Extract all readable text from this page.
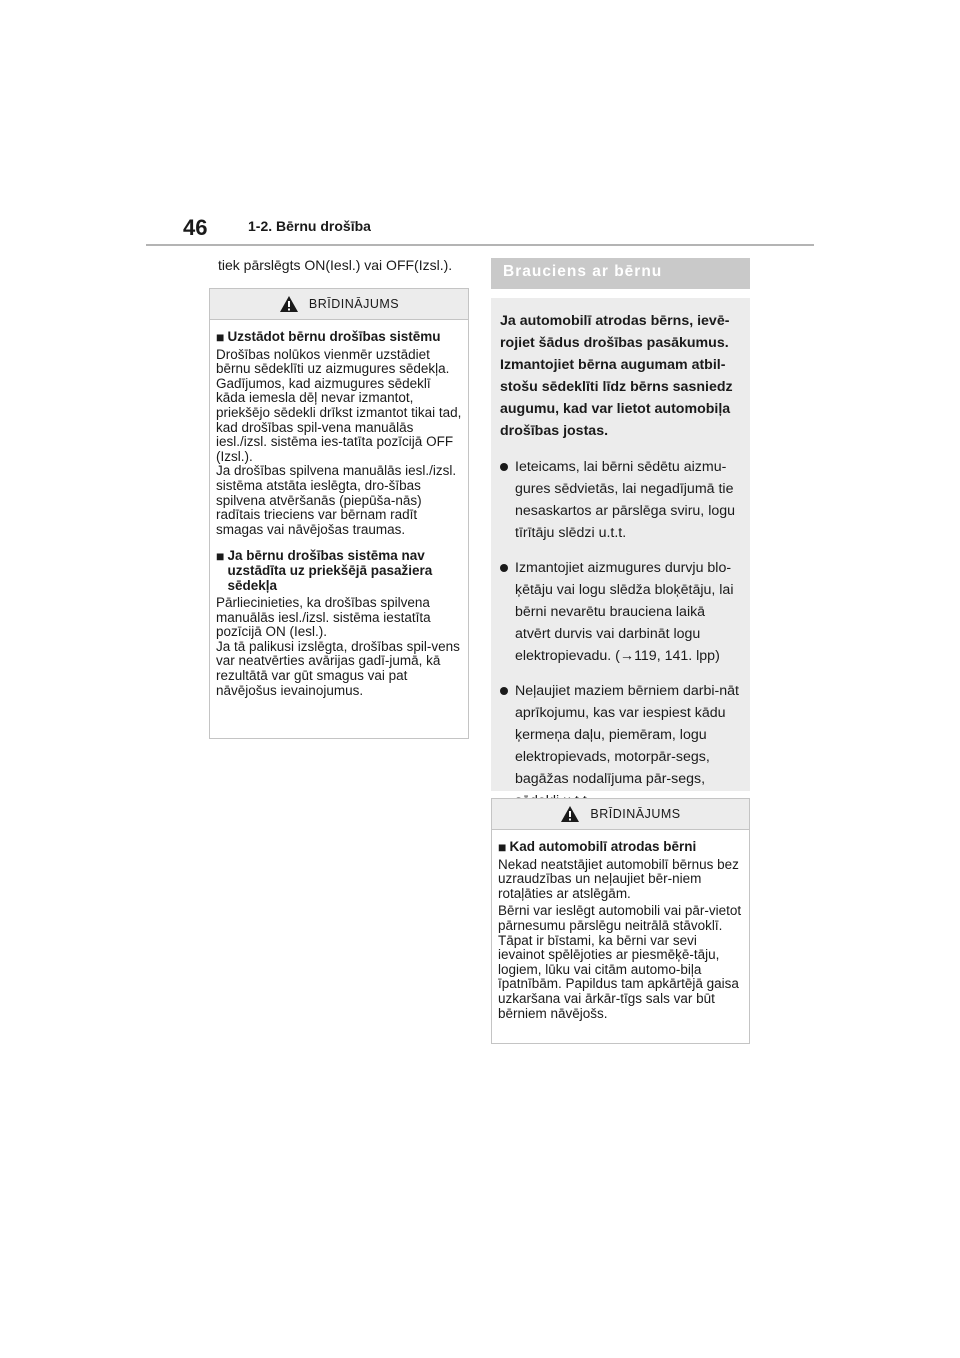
46	1-2. Bērnu drošība
tiek pārslēgts ON(Iesl.) vai OFF(Izsl.).
BRĪDINĀJUMS
■ Uzstādot bērnu drošības sistēmu

Drošības nolūkos vienmēr uzstādiet bērnu sēdeklīti uz aizmugures sēdekļa. Gadījumos, kad aizmugures sēdeklī kāda iemesla dēļ nevar izmantot, priekšējo sēdekli drīkst izmantot tikai tad, kad drošības spil-vena manuālās iesl./izsl. sistēma ies-tatīta pozīcijā OFF (Izsl.).

Ja drošības spilvena manuālās iesl./izsl. sistēma atstāta ieslēgta, dro-šības spilvena atvēršanās (piepūša-nās) radītais trieciens var bērnam radīt smagas vai nāvējošas traumas.

■ Ja bērnu drošības sistēma nav uzstādīta uz priekšējā pasažiera sēdekļa

Pārliecinieties, ka drošības spilvena manuālās iesl./izsl. sistēma iestatīta pozīcijā ON (Iesl.).

Ja tā palikusi izslēgta, drošības spil-vens var neatvērties avārijas gadī-jumā, kā rezultātā var gūt smagus vai pat nāvējošus ievainojumus.

Brauciens ar bērnu
Ja automobilī atrodas bērns, ievē-rojiet šādus drošības pasākumus. Izmantojiet bērna augumam atbil-stošu sēdeklīti līdz bērns sasniedz augumu, kad var lietot automobiļa drošības jostas.
Ieteicams, lai bērni sēdētu aizmu-gures sēdvietās, lai negadījumā tie nesaskartos ar pārslēga sviru, logu tīrītāju slēdzi u.t.t.
Izmantojiet aizmugures durvju blo-ķētāju vai logu slēdža bloķētāju, lai bērni nevarētu brauciena laikā atvērt durvis vai darbināt logu elektropievadu. (→119, 141. lpp)
Neļaujiet maziem bērniem darbi-nāt aprīkojumu, kas var iespiest kādu ķermeņa daļu, piemēram, logu elektropievads, motorpār-segs, bagāžas nodalījuma pār-segs,
BRĪDINĀJUMS
■ Kad automobilī atrodas bērni

Nekad neatstājiet automobilī bērnus bez uzraudzības un neļaujiet bēr-niem rotaļāties ar atslēgām.

Bērni var ieslēgt automobili vai pār-vietot pārnesumu pārslēgu neitrālā stāvoklī. Tāpat ir bīstami, ka bērni var sevi ievainot spēlējoties ar piesmēķē-tāju, logiem, lūku vai citām automo-biļa īpatnībām. Papildus tam apkārtējā gaisa uzkaršana vai ārkār-tīgs sals var būt bērniem nāvējošs.
